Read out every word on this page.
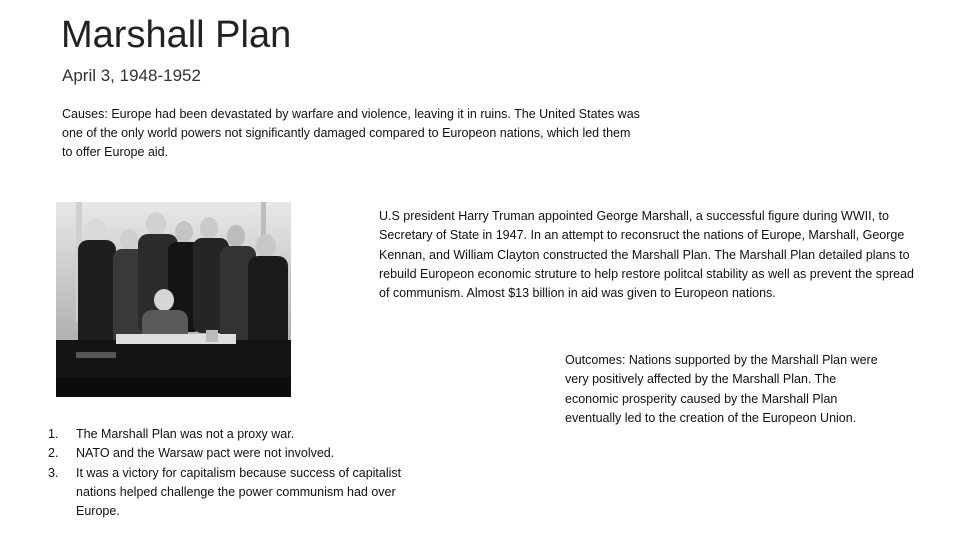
Marshall Plan
April 3, 1948-1952
Causes: Europe had been devastated by warfare and violence, leaving it in ruins. The United States was one of the only world powers not significantly damaged compared to Europeon nations, which led them to offer Europe aid.
U.S president Harry Truman appointed George Marshall, a successful figure during WWII, to Secretary of State in 1947. In an attempt to reconsruct the nations of Europe, Marshall, George Kennan, and William Clayton constructed the Marshall Plan. The Marshall Plan detailed plans to rebuild Europeon economic struture to help restore politcal stability as well as prevent the spread of communism. Almost $13 billion in aid was given to Europeon nations.
Outcomes: Nations supported by the Marshall Plan were very positively affected by the Marshall Plan. The economic prosperity caused by the Marshall Plan eventually led to the creation of the Europeon Union.
1. The Marshall Plan was not a proxy war.
2. NATO and the Warsaw pact were not involved.
3. It was a victory for capitalism because success of capitalist nations helped challenge the power communism had over Europe.
